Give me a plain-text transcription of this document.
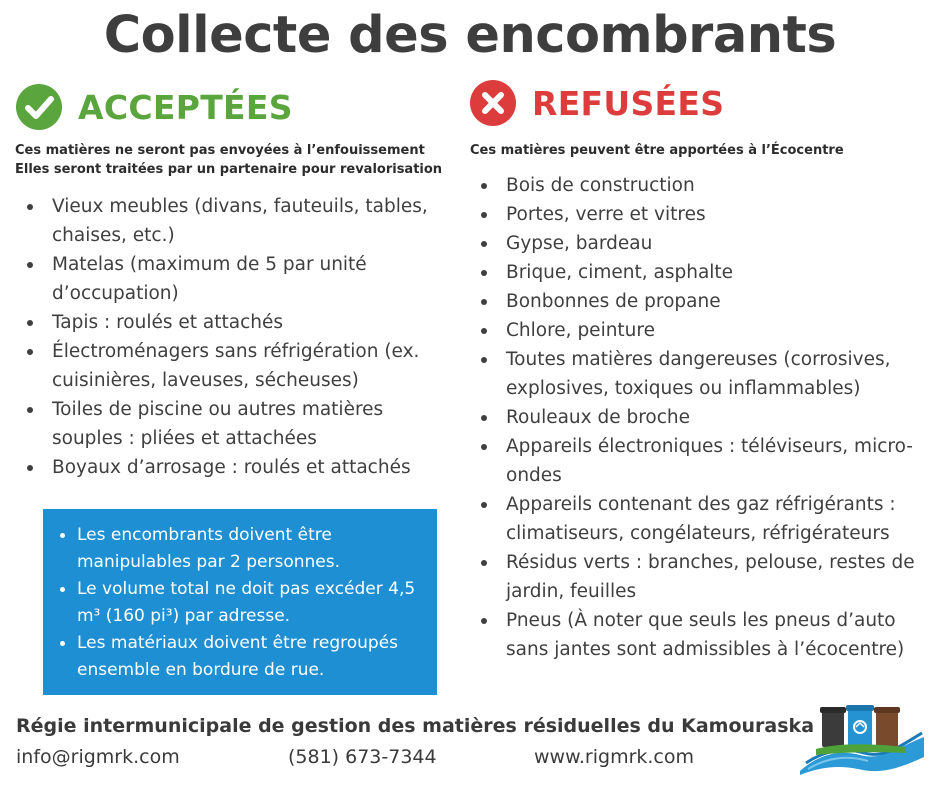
Collecte des encombrants
ACCEPTÉES	REFUSÉES
Ces matières ne seront pas envoyées à l’enfouissement
Elles seront traitées par un partenaire pour revalorisation
Ces matières peuvent être apportées à l’Écocentre
Vieux meubles (divans, fauteuils, tables, chaises, etc.)
Matelas (maximum de 5 par unité d’occupation)
Tapis : roulés et attachés
Électroménagers sans réfrigération (ex. cuisinières, laveuses, sécheuses)
Toiles de piscine ou autres matières souples : pliées et attachées
Boyaux d’arrosage : roulés et attachés
Bois de construction
Portes, verre et vitres
Gypse, bardeau
Brique, ciment, asphalte
Bonbonnes de propane
Chlore, peinture
Toutes matières dangereuses (corrosives, explosives, toxiques ou inflammables)
Rouleaux de broche
Appareils électroniques : téléviseurs, micro-ondes
Appareils contenant des gaz réfrigérants : climatiseurs, congélateurs, réfrigérateurs
Résidus verts : branches, pelouse, restes de jardin, feuilles
Pneus (À noter que seuls les pneus d’auto sans jantes sont admissibles à l’écocentre)
Les encombrants doivent être manipulables par 2 personnes.
Le volume total ne doit pas excéder 4,5 m³ (160 pi³) par adresse.
Les matériaux doivent être regroupés ensemble en bordure de rue.
Régie intermunicipale de gestion des matières résiduelles du Kamouraska
info@rigmrk.com	(581) 673-7344	www.rigmrk.com
